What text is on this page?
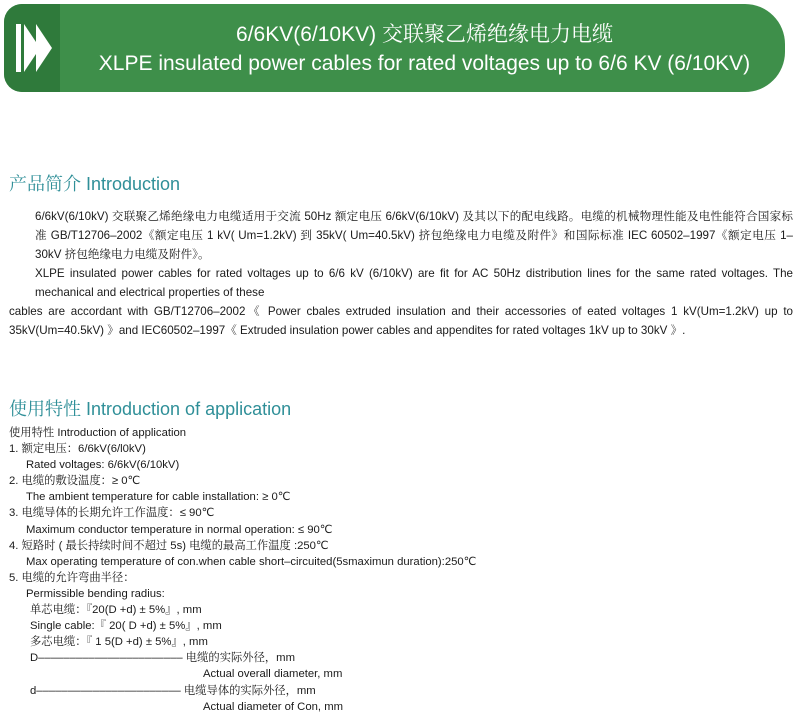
6/6KV(6/10KV) 交联聚乙烯绝缘电力电缆
XLPE insulated power cables for rated voltages up to 6/6 KV (6/10KV)
产品简介 Introduction
6/6kV(6/10kV) 交联聚乙烯绝缘电力电缆适用于交流 50Hz 额定电压 6/6kV(6/10kV) 及其以下的配电线路。电缆的机械物理性能及电性能符合国家标准 GB/T12706–2002《额定电压 1 kV( Um=1.2kV) 到 35kV( Um=40.5kV) 挤包绝缘电力电缆及附件》和国际标准 IEC 60502–1997《额定电压 1–30kV 挤包绝缘电力电缆及附件》。
XLPE insulated power cables for rated voltages up to 6/6 kV (6/10kV) are fit for AC 50Hz distribution lines for the same rated voltages. The mechanical and electrical properties of these
cables are accordant with GB/T12706–2002《 Power cbales extruded insulation and their accessories of eated voltages 1 kV(Um=1.2kV) up to 35kV(Um=40.5kV) 》and IEC60502–1997《 Extruded insulation power cables and appendites for rated voltages 1kV up to 30kV 》.
使用特性 Introduction of application
使用特性 Introduction of application
1. 额定电压：6/6kV(6/l0kV)
Rated voltages: 6/6kV(6/10kV)
2. 电缆的敷设温度：≥ 0℃
The ambient temperature for cable installation: ≥ 0℃
3. 电缆导体的长期允许工作温度：≤ 90℃
Maximum conductor temperature in normal operation: ≤ 90℃
4. 短路时 ( 最长持续时间不超过 5s) 电缆的最高工作温度 :250℃
Max operating temperature of con.when cable short–circuited(5smaximun duration):250℃
5. 电缆的允许弯曲半径：
Permissible bending radius:
单芯电缆：『20(D +d) ± 5%』, mm
Single cable:『 20( D +d) ± 5%』, mm
多芯电缆：『 1 5(D +d) ± 5%』, mm
D––––––––––––––––––––––– 电缆的实际外径，mm
Actual overall diameter, mm
d––––––––––––––––––––––– 电缆导体的实际外径，mm
Actual diameter of Con, mm
